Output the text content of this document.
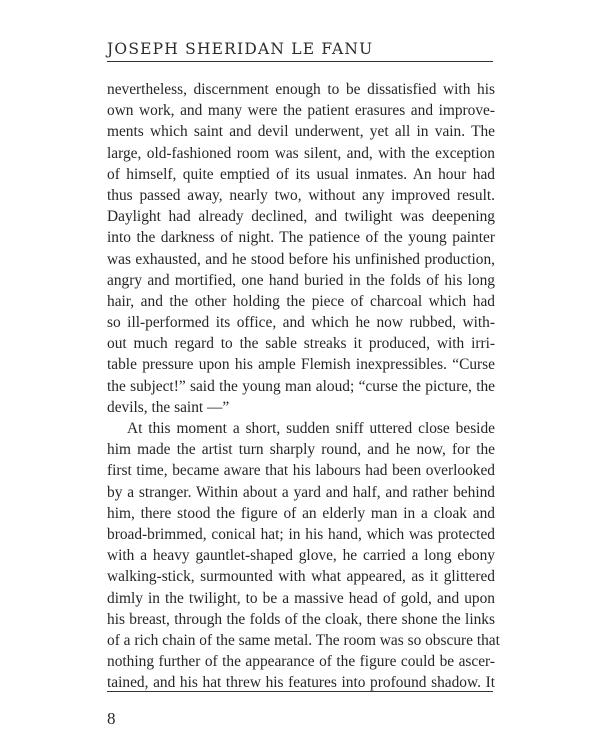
JOSEPH SHERIDAN LE FANU
nevertheless, discernment enough to be dissatisfied with his
own work, and many were the patient erasures and improve-
ments which saint and devil underwent, yet all in vain. The
large, old-fashioned room was silent, and, with the exception
of himself, quite emptied of its usual inmates. An hour had
thus passed away, nearly two, without any improved result.
Daylight had already declined, and twilight was deepening
into the darkness of night. The patience of the young painter
was exhausted, and he stood before his unfinished production,
angry and mortified, one hand buried in the folds of his long
hair, and the other holding the piece of charcoal which had
so ill-performed its office, and which he now rubbed, with-
out much regard to the sable streaks it produced, with irri-
table pressure upon his ample Flemish inexpressibles. “Curse
the subject!” said the young man aloud; “curse the picture, the
devils, the saint —”
At this moment a short, sudden sniff uttered close beside
him made the artist turn sharply round, and he now, for the
first time, became aware that his labours had been overlooked
by a stranger. Within about a yard and half, and rather behind
him, there stood the figure of an elderly man in a cloak and
broad-brimmed, conical hat; in his hand, which was protected
with a heavy gauntlet-shaped glove, he carried a long ebony
walking-stick, surmounted with what appeared, as it glittered
dimly in the twilight, to be a massive head of gold, and upon
his breast, through the folds of the cloak, there shone the links
of a rich chain of the same metal. The room was so obscure that
nothing further of the appearance of the figure could be ascer-
tained, and his hat threw his features into profound shadow. It
8
